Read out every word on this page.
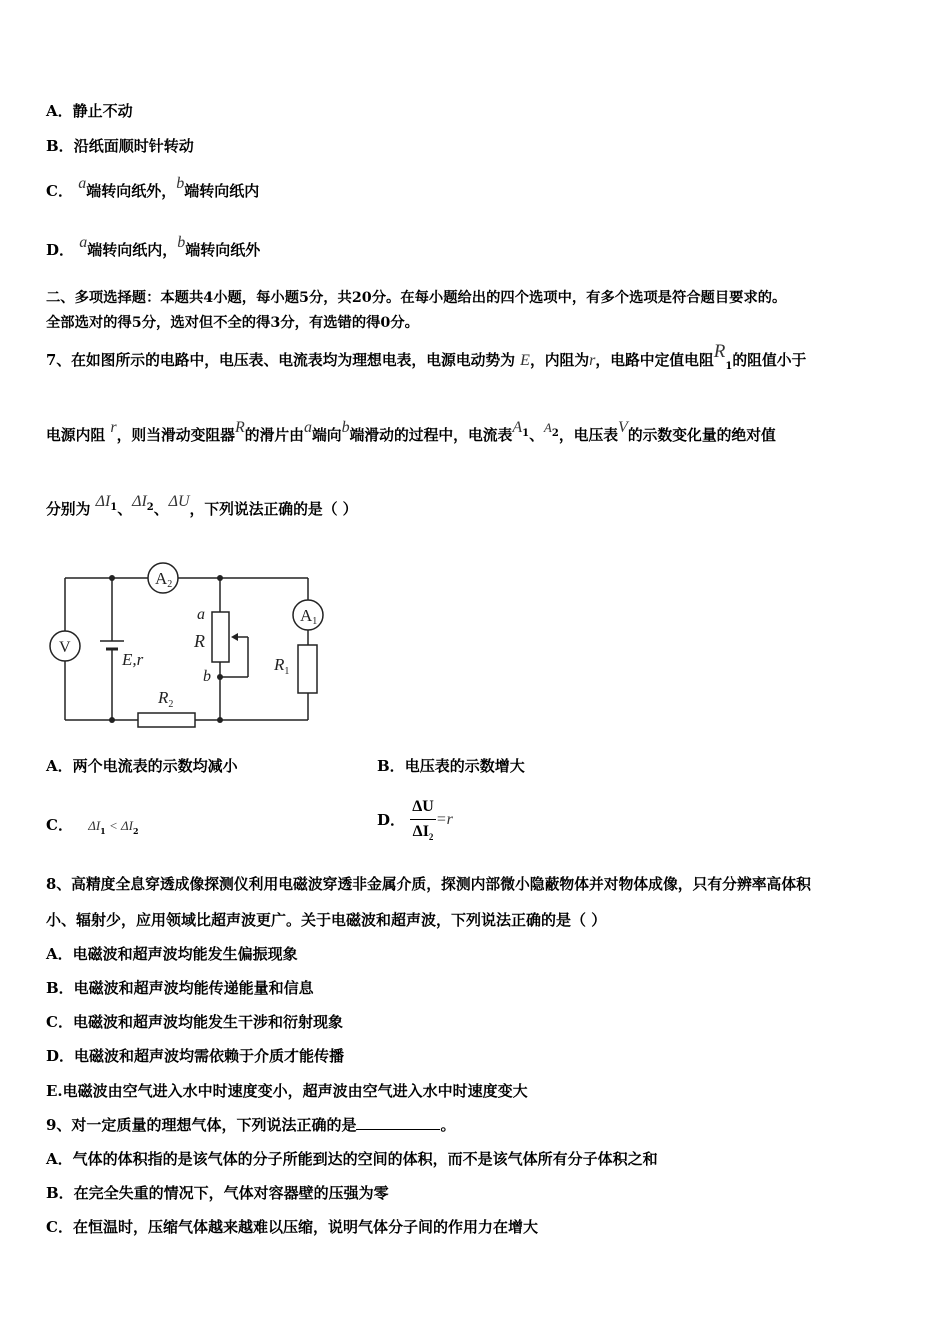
A．静止不动
B．沿纸面顺时针转动
C． a端转向纸外，b端转向纸内
D． a端转向纸内，b端转向纸外
二、多项选择题：本题共4小题，每小题5分，共20分。在每小题给出的四个选项中，有多个选项是符合题目要求的。
全部选对的得5分，选对但不全的得3分，有选错的得0分。
7、在如图所示的电路中，电压表、电流表均为理想电表，电源电动势为 E，内阻为r，电路中定值电阻$R_1$的阻值小于
电源内阻 r，则当滑动变阻器R的滑片由a端向b端滑动的过程中，电流表$A^1$、$A^2$，电压表V的示数变化量的绝对值
分别为 $\Delta I^1$、$\Delta I^2$、ΔU，下列说法正确的是（ ）
A2
A1
V
E,r
a
R
b
$R_1$
$R_2$
A．两个电流表的示数均减小	B．电压表的示数增大
C． $\Delta I_1 < \Delta I_2$
D． $\frac{\Delta U}{\Delta I_2} =r$
8、高精度全息穿透成像探测仪利用电磁波穿透非金属介质，探测内部微小隐蔽物体并对物体成像，只有分辨率高体积
小、辐射少，应用领域比超声波更广。关于电磁波和超声波，下列说法正确的是（ ）
A．电磁波和超声波均能发生偏振现象
B．电磁波和超声波均能传递能量和信息
C．电磁波和超声波均能发生干涉和衍射现象
D．电磁波和超声波均需依赖于介质才能传播
E.电磁波由空气进入水中时速度变小，超声波由空气进入水中时速度变大
9、对一定质量的理想气体，下列说法正确的是	。
A．气体的体积指的是该气体的分子所能到达的空间的体积，而不是该气体所有分子体积之和
B．在完全失重的情况下，气体对容器壁的压强为零
C．在恒温时，压缩气体越来越难以压缩，说明气体分子间的作用力在增大
